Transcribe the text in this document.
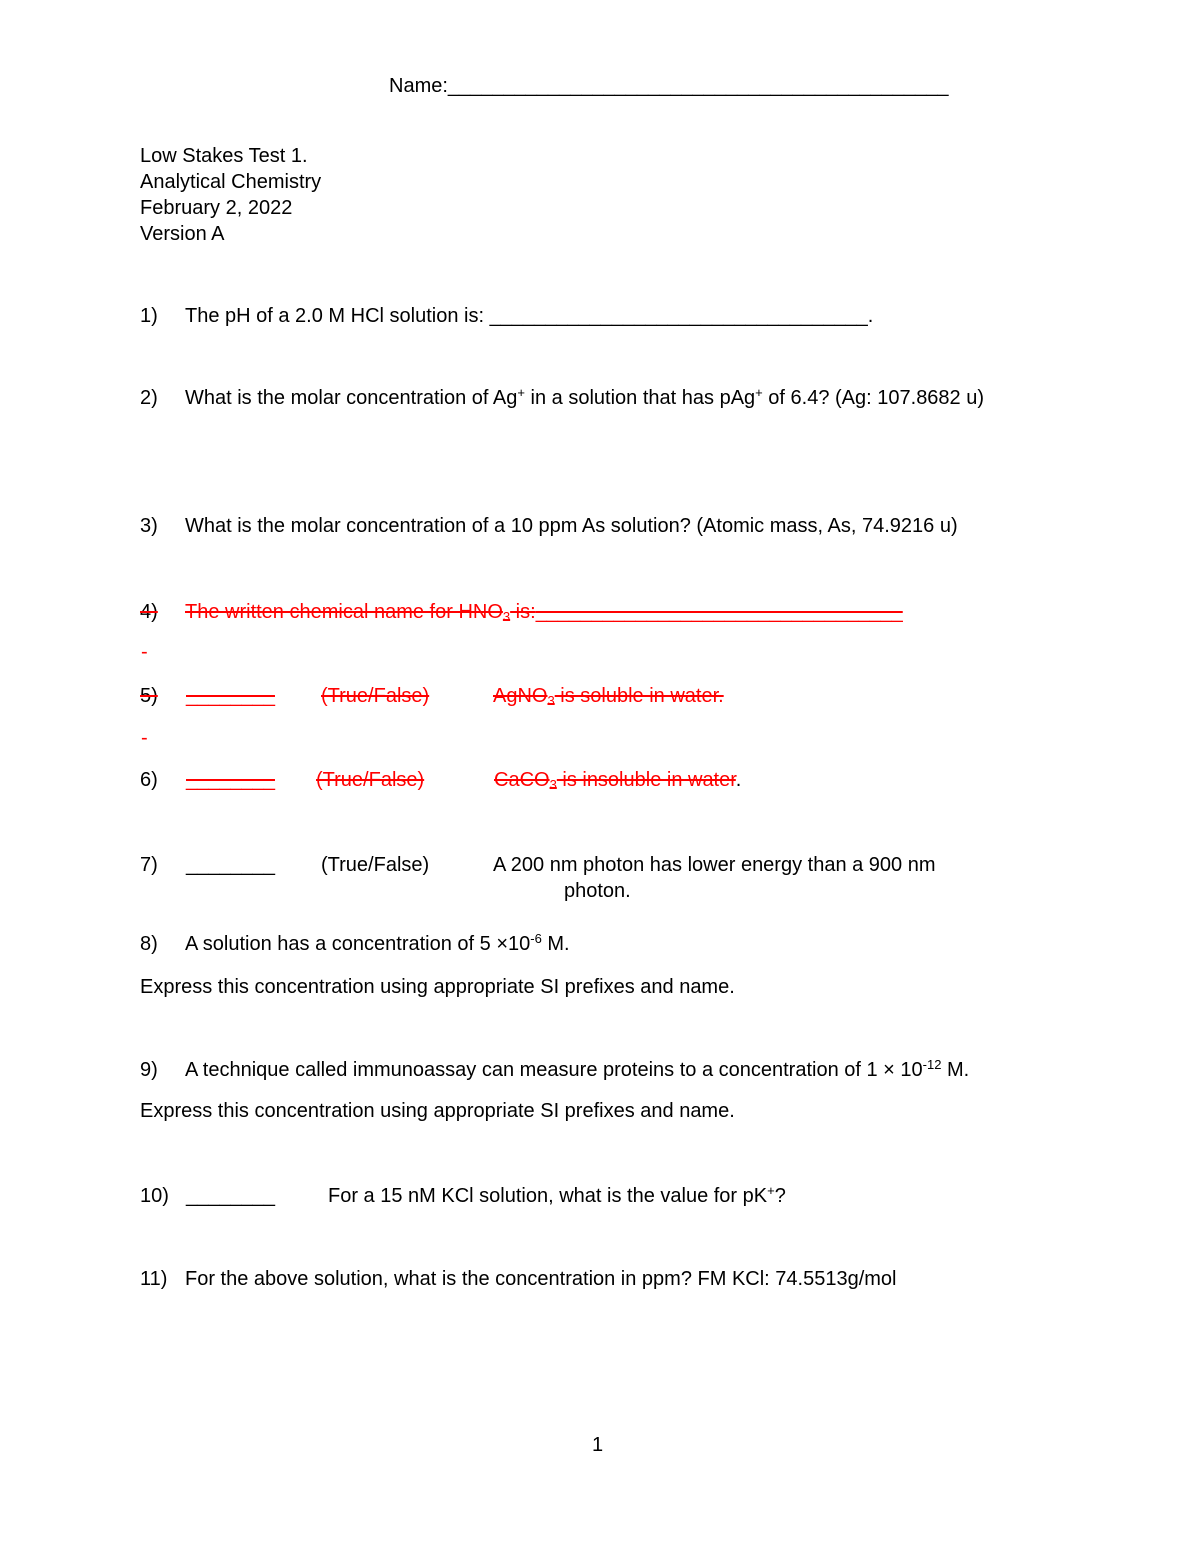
Name:_____________________________________________
Low Stakes Test 1.
Analytical Chemistry
February 2, 2022
Version A
1) The pH of a 2.0 M HCl solution is: __________________________________.
2) What is the molar concentration of Ag+ in a solution that has pAg+ of 6.4? (Ag: 107.8682 u)
3) What is the molar concentration of a 10 ppm As solution? (Atomic mass, As, 74.9216 u)
4) The written chemical name for $HNO_3$ is:_________________________________
-
5) ________ (True/False)	AgNO$_3$ is soluble in water.
-
6) ________ (True/False)	CaCO$_3$ is insoluble in water.
7) ________ (True/False)	A 200 nm photon has lower energy than a 900 nm
photon.
8) A solution has a concentration of $5 \times 10^{-6}$ M.
Express this concentration using appropriate SI prefixes and name.
9) A technique called immunoassay can measure proteins to a concentration of $1 \times 10^{-12}$ M.
Express this concentration using appropriate SI prefixes and name.
10) ________	For a 15 nM KCl solution, what is the value for pK+?
11) For the above solution, what is the concentration in ppm? FM KCl: 74.5513g/mol
1
